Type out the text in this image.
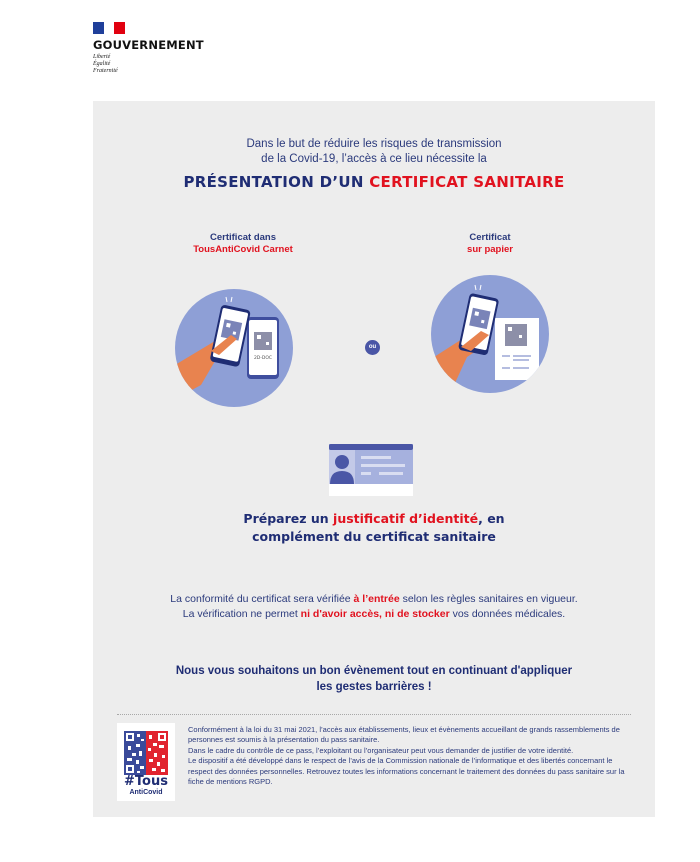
GOUVERNEMENT
Liberté
Égalité
Fraternité
Dans le but de réduire les risques de transmission
de la Covid-19, l’accès à ce lieu nécessite la
PRÉSENTATION D’UN CERTIFICAT SANITAIRE
Certificat dans
TousAntiCovid Carnet
2D-DOC
ou
Certificat
sur papier
Préparez un justificatif d’identité, en
complément du certificat sanitaire
La conformité du certificat sera vérifiée à l’entrée selon les règles sanitaires en vigueur.
La vérification ne permet ni d'avoir accès, ni de stocker vos données médicales.
Nous vous souhaitons un bon évènement tout en continuant d'appliquer
les gestes barrières !
#Tous
AntiCovid

Conformément à la loi du 31 mai 2021, l’accès aux établissements, lieux et évènements accueillant de grands rassemblements de personnes est soumis à la présentation du pass sanitaire.

Dans le cadre du contrôle de ce pass, l’exploitant ou l’organisateur peut vous demander de justifier de votre identité.

Le dispositif a été développé dans le respect de l’avis de la Commission nationale de l’informatique et des libertés concernant le respect des données personnelles. Retrouvez toutes les informations concernant le traitement des données du pass sanitaire sur la fiche de mentions RGPD.
